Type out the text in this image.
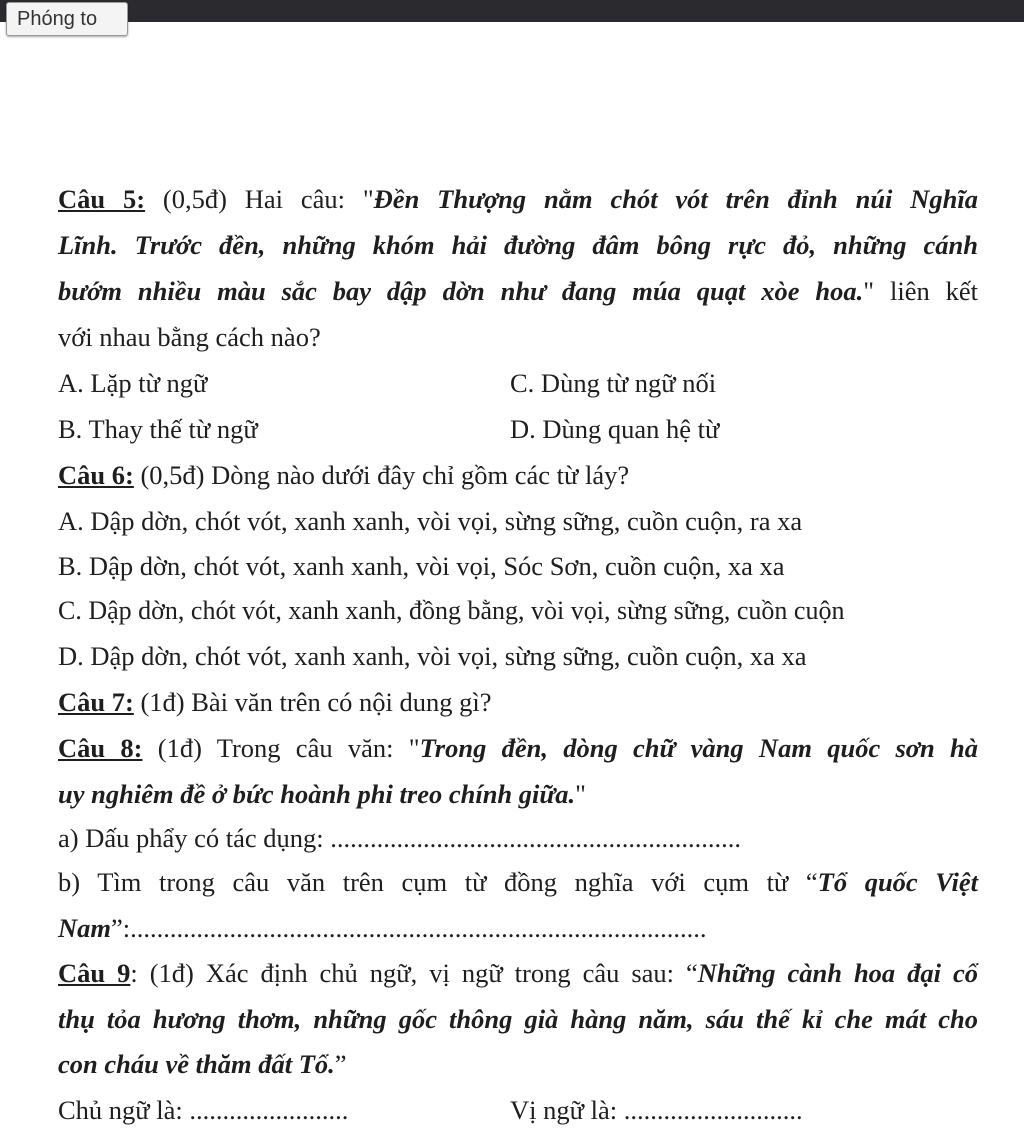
Phóng to
Câu 5: (0,5đ) Hai câu: "Đền Thượng nằm chót vót trên đỉnh núi Nghĩa
Lĩnh. Trước đền, những khóm hải đường đâm bông rực đỏ, những cánh
bướm nhiều màu sắc bay dập dờn như đang múa quạt xòe hoa." liên kết
với nhau bằng cách nào?
A. Lặp từ ngữ	C. Dùng từ ngữ nối
B. Thay thế từ ngữ	D. Dùng quan hệ từ
Câu 6: (0,5đ) Dòng nào dưới đây chỉ gồm các từ láy?
A. Dập dờn, chót vót, xanh xanh, vòi vọi, sừng sững, cuồn cuộn, ra xa
B. Dập dờn, chót vót, xanh xanh, vòi vọi, Sóc Sơn, cuồn cuộn, xa xa
C. Dập dờn, chót vót, xanh xanh, đồng bằng, vòi vọi, sừng sững, cuồn cuộn
D. Dập dờn, chót vót, xanh xanh, vòi vọi, sừng sững, cuồn cuộn, xa xa
Câu 7: (1đ) Bài văn trên có nội dung gì?
Câu 8: (1đ) Trong câu văn: "Trong đền, dòng chữ vàng Nam quốc sơn hà
uy nghiêm đề ở bức hoành phi treo chính giữa."
a) Dấu phẩy có tác dụng: ..............................................................
b) Tìm trong câu văn trên cụm từ đồng nghĩa với cụm từ “Tổ quốc Việt
Nam”:.......................................................................................
Câu 9: (1đ) Xác định chủ ngữ, vị ngữ trong câu sau: “Những cành hoa đại cổ
thụ tỏa hương thơm, những gốc thông già hàng năm, sáu thế kỉ che mát cho
con cháu về thăm đất Tổ.”
Chủ ngữ là: ........................	Vị ngữ là: ...........................
